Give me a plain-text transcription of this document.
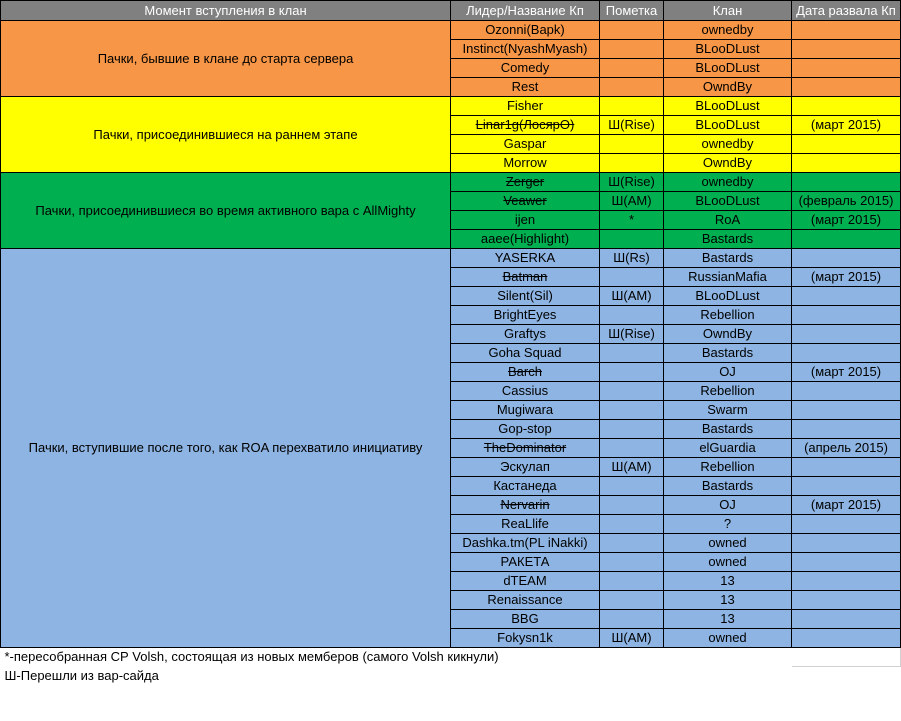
Момент вступления в клан	Лидер/Название Кп	Пометка	Клан	Дата развала Кп
Пачки, бывшие в клане до старта сервера	Ozonni(Bapk)		ownedby	
	Instinct(NyashMyash)		BLooDLust	
	Comedy		BLooDLust	
	Rest		OwndBy	
Пачки, присоединившиеся на раннем этапе	Fisher		BLooDLust	
	Linar1g(ЛосярО)	Ш(Rise)	BLooDLust	(март 2015)
	Gaspar		ownedby	
	Morrow		OwndBy	
Пачки, присоединившиеся во время активного вара с AllMighty	Zerger	Ш(Rise)	ownedby	
	Veawer	Ш(АМ)	BLooDLust	(февраль 2015)
	ijen	*	RoA	(март 2015)
	aaee(Highlight)		Bastards	
Пачки, вступившие после того, как ROA перехватило инициативу	YASERKA	Ш(Rs)	Bastards	
	Batman		RussianMafia	(март 2015)
	Silent(Sil)	Ш(АМ)	BLooDLust	
	BrightEyes		Rebellion	
	Graftys	Ш(Rise)	OwndBy	
	Goha Squad		Bastards	
	Barch		OJ	(март 2015)
	Cassius		Rebellion	
	Mugiwara		Swarm	
	Gop-stop		Bastards	
	TheDominator		elGuardia	(апрель 2015)
	Эскулап	Ш(АМ)	Rebellion	
	Кастанеда		Bastards	
	Nervarin		OJ	(март 2015)
	ReaLlife		?	
	Dashka.tm(PL iNakki)		owned	
	РАКЕТА		owned	
	dTEAM		13	
	Renaissance		13	
	BBG		13	
	Fokysn1k	Ш(АМ)	owned	
*-пересобранная СР Volsh, состоящая из новых мемберов (самого Volsh кикнули)				
Ш-Перешли из вар-сайда				
